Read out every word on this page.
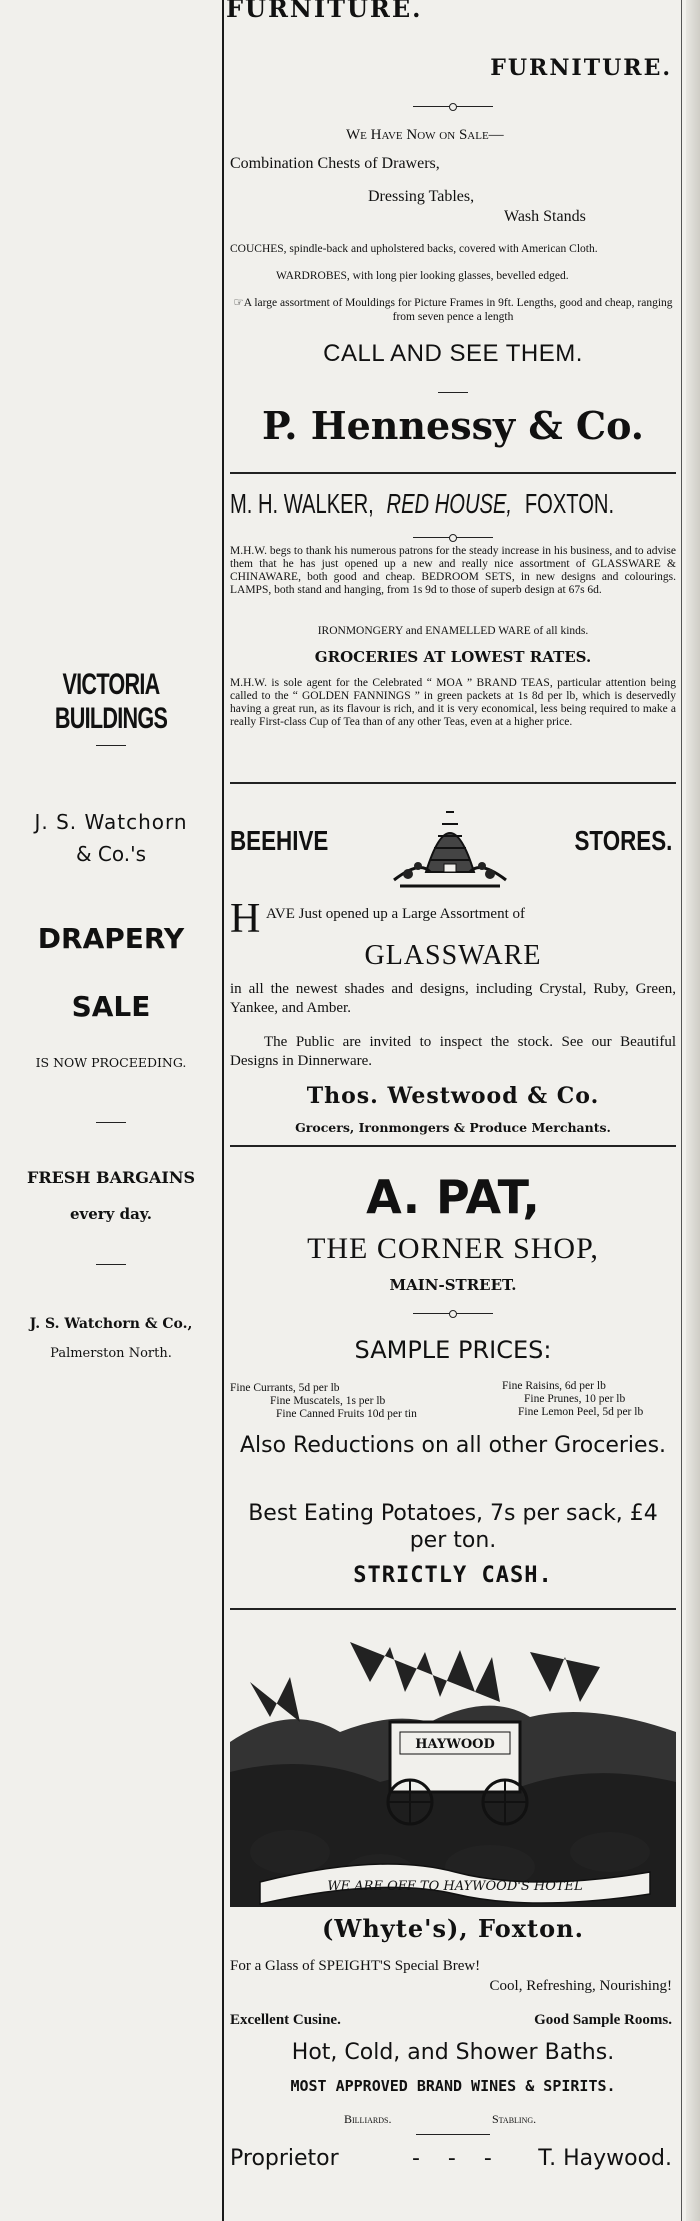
VICTORIA BUILDINGS
J. S. Watchorn
& Co.'s
DRAPERY
SALE
IS NOW PROCEEDING.
FRESH BARGAINS
every day.
J. S. Watchorn & Co.,
Palmerston North.
FURNITURE.
FURNITURE.
We Have Now on Sale—
Combination Chests of Drawers,
Dressing Tables,
Wash Stands
COUCHES, spindle-back and upholstered backs, covered with American Cloth.
WARDROBES, with long pier looking glasses, bevelled edged.
☞A large assortment of Mouldings for Picture Frames in 9ft. Lengths, good and cheap, ranging from seven pence a length
CALL AND SEE THEM.
P. Hennessy & Co.
M. H. WALKER, RED HOUSE, FOXTON.

M.H.W. begs to thank his numerous patrons for the steady increase in his business, and to advise them that he has just opened up a new and really nice assortment of GLASSWARE & CHINAWARE, both good and cheap. BEDROOM SETS, in new designs and colourings. LAMPS, both stand and hanging, from 1s 9d to those of superb design at 67s 6d.

IRONMONGERY and ENAMELLED WARE of all kinds.
GROCERIES AT LOWEST RATES.

M.H.W. is sole agent for the Celebrated “ MOA ” BRAND TEAS, particular attention being called to the “ GOLDEN FANNINGS ” in green packets at 1s 8d per lb, which is deservedly having a great run, as its flavour is rich, and it is very economical, less being required to make a really First-class Cup of Tea than of any other Teas, even at a higher price.

BEEHIVE	STORES.
H AVE Just opened up a Large Assortment of
GLASSWARE

in all the newest shades and designs, including Crystal, Ruby, Green, Yankee, and Amber.

The Public are invited to inspect the stock. See our Beautiful Designs in Dinnerware.

Thos. Westwood & Co.
Grocers, Ironmongers & Produce Merchants.
A. PAT,
THE CORNER SHOP,
MAIN-STREET.
SAMPLE PRICES:
Fine Currants, 5d per lb
Fine Muscatels, 1s per lb
Fine Canned Fruits 10d per tin
Fine Raisins, 6d per lb
Fine Prunes, 10 per lb
Fine Lemon Peel, 5d per lb

Also Reductions on all other Groceries.

Best Eating Potatoes, 7s per sack, £4 per ton.

STRICTLY CASH.
HAYWOOD
WE ARE OFF TO HAYWOOD'S HOTEL
(Whyte's), Foxton.
For a Glass of SPEIGHT'S Special Brew!
Cool, Refreshing, Nourishing!
Excellent Cusine.	Good Sample Rooms.
Hot, Cold, and Shower Baths.
MOST APPROVED BRAND WINES & SPIRITS.
Billiards.	Stabling.
Proprietor	-    -    - T. Haywood.
